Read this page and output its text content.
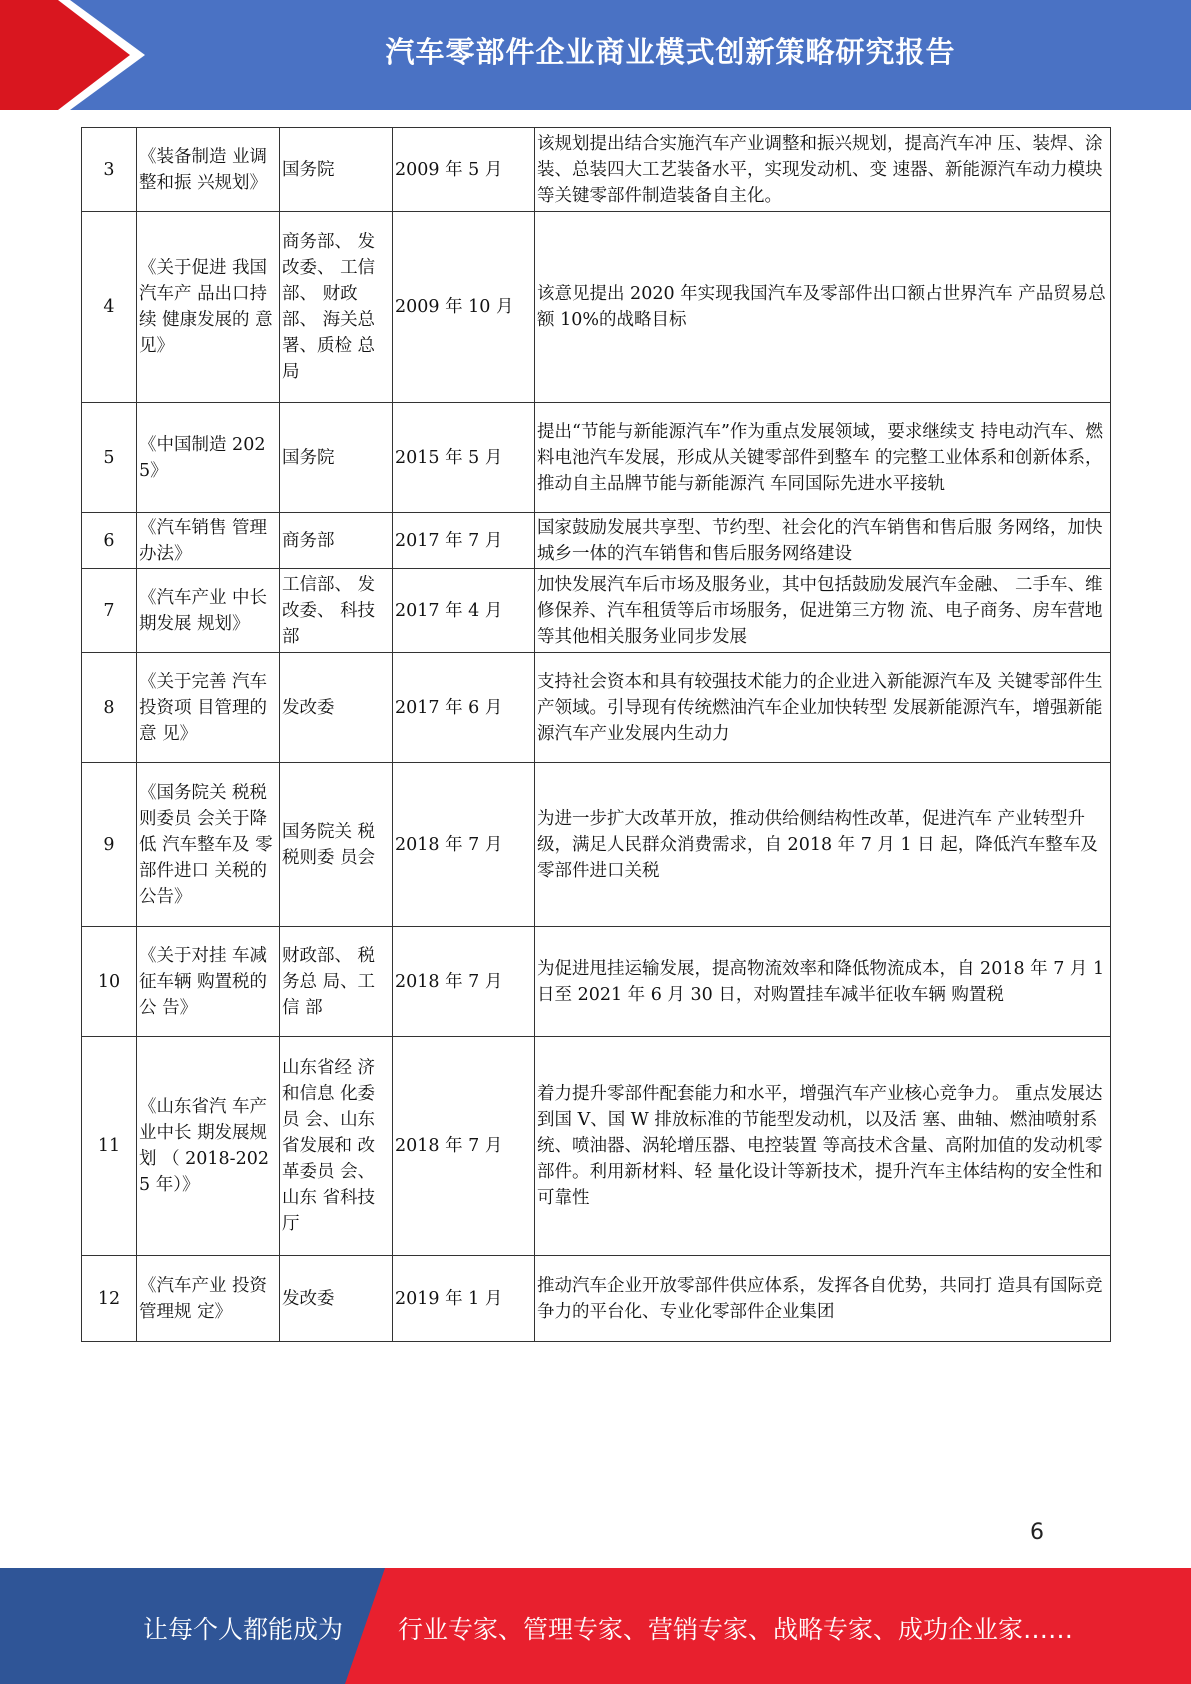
汽车零部件企业商业模式创新策略研究报告
3	《装备制造 业调整和振 兴规划》	国务院	2009 年 5 月	该规划提出结合实施汽车产业调整和振兴规划，提高汽车冲 压、装焊、涂装、总装四大工艺装备水平，实现发动机、变 速器、新能源汽车动力模块等关键零部件制造装备自主化。
4	《关于促进 我国汽车产 品出口持续 健康发展的 意见》	商务部、 发改委、 工信部、 财政部、 海关总署、质检 总局	2009 年 10 月	该意见提出 2020 年实现我国汽车及零部件出口额占世界汽车 产品贸易总额 10%的战略目标
5	《中国制造 2025》	国务院	2015 年 5 月	提出“节能与新能源汽车”作为重点发展领域，要求继续支 持电动汽车、燃料电池汽车发展，形成从关键零部件到整车 的完整工业体系和创新体系，推动自主品牌节能与新能源汽 车同国际先进水平接轨
6	《汽车销售 管理办法》	商务部	2017 年 7 月	国家鼓励发展共享型、节约型、社会化的汽车销售和售后服 务网络，加快城乡一体的汽车销售和售后服务网络建设
7	《汽车产业 中长期发展 规划》	工信部、 发改委、 科技部	2017 年 4 月	加快发展汽车后市场及服务业，其中包括鼓励发展汽车金融、 二手车、维修保养、汽车租赁等后市场服务，促进第三方物 流、电子商务、房车营地等其他相关服务业同步发展
8	《关于完善 汽车投资项 目管理的意 见》	发改委	2017 年 6 月	支持社会资本和具有较强技术能力的企业进入新能源汽车及 关键零部件生产领域。引导现有传统燃油汽车企业加快转型 发展新能源汽车，增强新能源汽车产业发展内生动力
9	《国务院关 税税则委员 会关于降低 汽车整车及 零部件进口 关税的公告》	国务院关 税税则委 员会	2018 年 7 月	为进一步扩大改革开放，推动供给侧结构性改革，促进汽车 产业转型升级，满足人民群众消费需求，自 2018 年 7 月 1 日 起，降低汽车整车及零部件进口关税
10	《关于对挂 车减征车辆 购置税的公 告》	财政部、 税务总 局、工信 部	2018 年 7 月	为促进甩挂运输发展，提高物流效率和降低物流成本，自 2018 年 7 月 1 日至 2021 年 6 月 30 日，对购置挂车减半征收车辆 购置税
11	《山东省汽 车产业中长 期发展规划 （ 2018-2025 年）》	山东省经 济和信息 化委员 会、山东省发展和 改革委员 会、山东 省科技厅	2018 年 7 月	着力提升零部件配套能力和水平，增强汽车产业核心竞争力。 重点发展达到国 V、国 W 排放标准的节能型发动机，以及活 塞、曲轴、燃油喷射系统、喷油器、涡轮增压器、电控装置 等高技术含量、高附加值的发动机零部件。利用新材料、轻 量化设计等新技术，提升汽车主体结构的安全性和可靠性
12	《汽车产业 投资管理规 定》	发改委	2019 年 1 月	推动汽车企业开放零部件供应体系，发挥各自优势，共同打 造具有国际竞争力的平台化、专业化零部件企业集团
6
让每个人都能成为 行业专家、管理专家、营销专家、战略专家、成功企业家……
